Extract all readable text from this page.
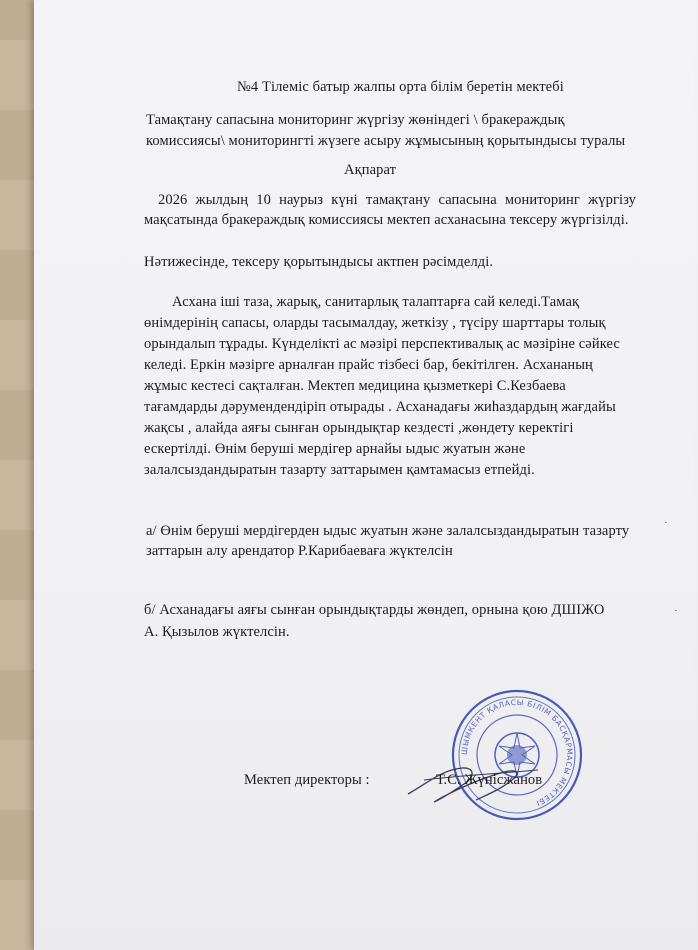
№4 Тілеміс батыр жалпы орта білім беретін мектебі
Тамақтану сапасына мониторинг жүргізу жөніндегі \ бракераждық
комиссиясы\ мониторингті жүзеге асыру жұмысының қорытындысы туралы
Ақпарат
2026 жылдың 10 наурыз күні тамақтану сапасына мониторинг жүргізу
мақсатында бракераждық комиссиясы мектеп асханасына тексеру жүргізілді.
Нәтижесінде, тексеру қорытындысы актпен рәсімделді.
Асхана іші таза, жарық, санитарлық талаптарға сай келеді.Тамақ
өнімдерінің сапасы, оларды тасымалдау, жеткізу , түсіру шарттары толық
орындалып тұрады. Күнделікті ас мәзірі перспективалық ас мәзіріне сәйкес
келеді. Еркін мәзірге арналған прайс тізбесі бар, бекітілген. Асхананың
жұмыс кестесі сақталған. Мектеп медицина қызметкері С.Кезбаева
тағамдарды дәрумендендіріп отырады . Асханадағы жиһаздардың жағдайы
жақсы , алайда аяғы сынған орындықтар кездесті ,жөндету керектігі
ескертілді. Өнім беруші мердігер арнайы ыдыс жуатын және
залалсыздандыратын тазарту заттарымен қамтамасыз етпейді.
а/ Өнім беруші мердігерден ыдыс жуатын және залалсыздандыратын тазарту
заттарын алу арендатор Р.Карибаеваға жүктелсін
б/ Асханадағы аяғы сынған орындықтарды жөндеп, орнына қою ДШІЖО
А. Қызылов жүктелсін.
·
·
ШЫМКЕНТ ҚАЛАСЫ БІЛІМ БАСҚАРМАСЫ МЕКТЕБІ
Мектеп директоры :	Т.С. Жүнісжанов
